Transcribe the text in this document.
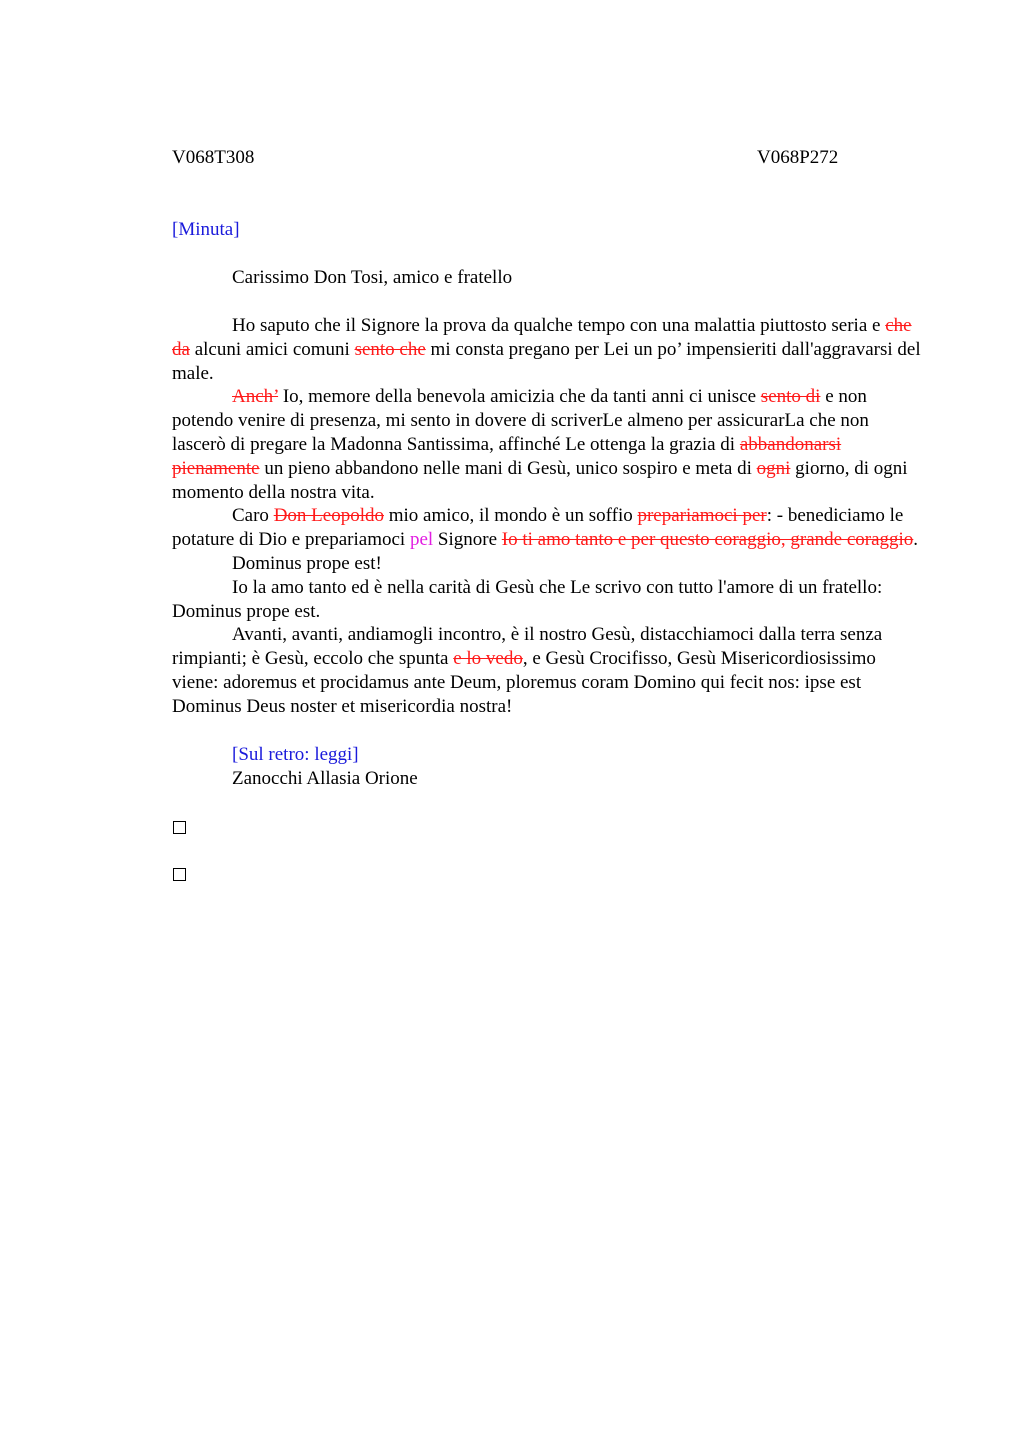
V068T308	V068P272
[Minuta]
Carissimo Don Tosi, amico e fratello

Ho saputo che il Signore la prova da qualche tempo con una malattia piuttosto seria e che da alcuni amici comuni sento che mi consta pregano per Lei un po’ impensieriti dall'aggravarsi del male.

Anch’ Io, memore della benevola amicizia che da tanti anni ci unisce sento di e non potendo venire di presenza, mi sento in dovere di scriverLe almeno per assicurarLa che non lascerò di pregare la Madonna Santissima, affinché Le ottenga la grazia di abbandonarsi pienamente un pieno abbandono nelle mani di Gesù, unico sospiro e meta di ogni giorno, di ogni momento della nostra vita.

Caro Don Leopoldo mio amico, il mondo è un soffio prepariamoci per: - benediciamo le potature di Dio e prepariamoci pel Signore Io ti amo tanto e per questo coraggio, grande coraggio.

Dominus prope est!

Io la amo tanto ed è nella carità di Gesù che Le scrivo con tutto l'amore di un fratello: Dominus prope est.

Avanti, avanti, andiamogli incontro, è il nostro Gesù, distacchiamoci dalla terra senza rimpianti; è Gesù, eccolo che spunta e lo vedo, e Gesù Crocifisso, Gesù Misericordiosissimo viene: adoremus et procidamus ante Deum, ploremus coram Domino qui fecit nos: ipse est Dominus Deus noster et misericordia nostra!

[Sul retro: leggi]
Zanocchi Allasia Orione
